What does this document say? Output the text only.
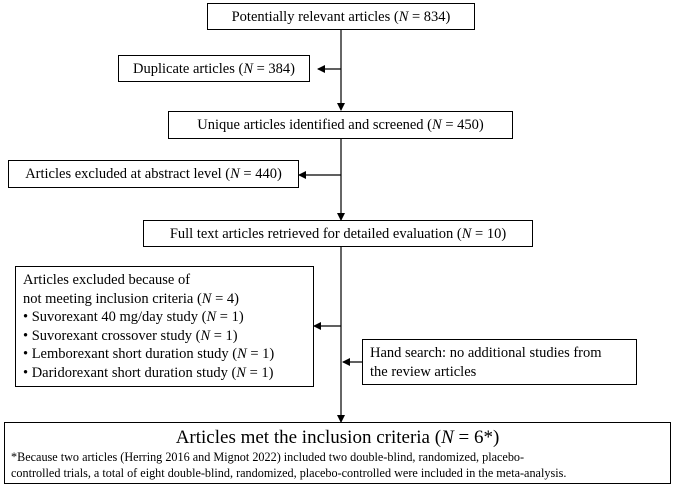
Potentially relevant articles (N = 834)
Duplicate articles (N = 384)
Unique articles identified and screened (N = 450)
Articles excluded at abstract level (N = 440)
Full text articles retrieved for detailed evaluation (N = 10)
Articles excluded because of
not meeting inclusion criteria (N = 4)
• Suvorexant 40 mg/day study (N = 1)
• Suvorexant crossover study (N = 1)
• Lemborexant short duration study (N = 1)
• Daridorexant short duration study (N = 1)
Hand search: no additional studies from
the review articles
Articles met the inclusion criteria (N = 6*)
*Because two articles (Herring 2016 and Mignot 2022) included two double-blind, randomized, placebo-
controlled trials, a total of eight double-blind, randomized, placebo-controlled were included in the meta-analysis.
